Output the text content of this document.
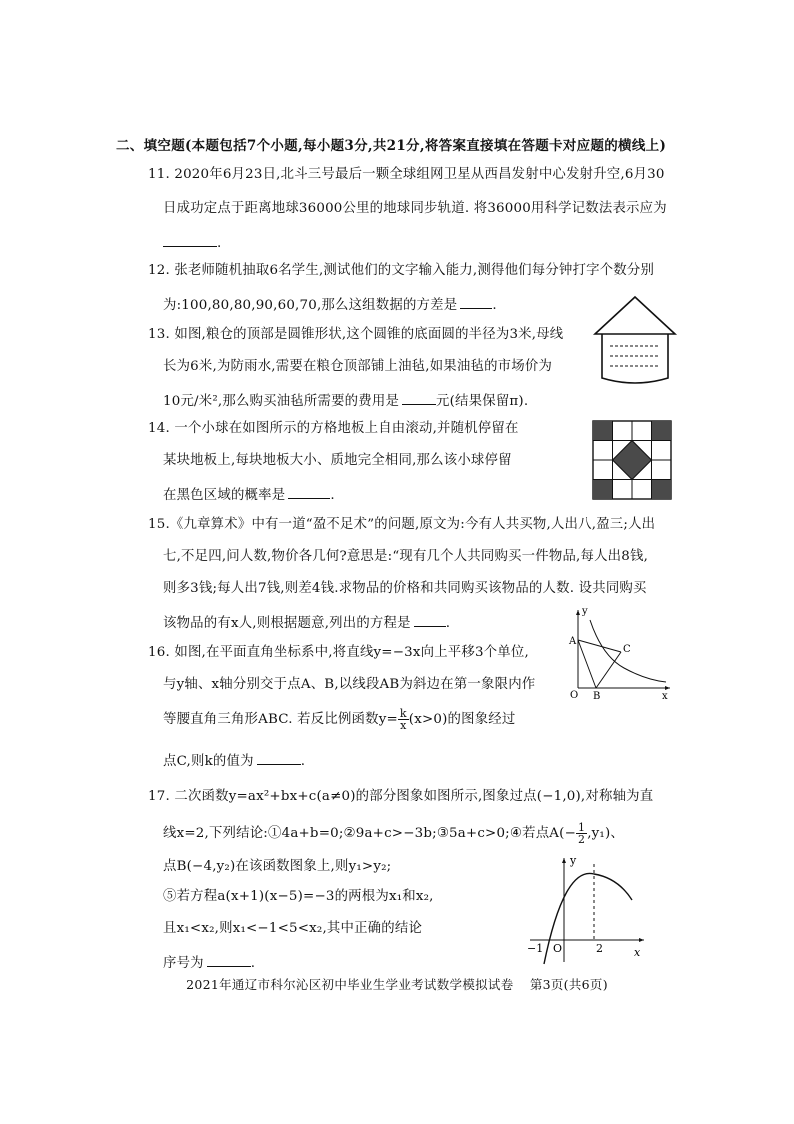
二、填空题(本题包括7个小题,每小题3分,共21分,将答案直接填在答题卡对应题的横线上)
11. 2020年6月23日,北斗三号最后一颗全球组网卫星从西昌发射中心发射升空,6月30
日成功定点于距离地球36000公里的地球同步轨道. 将36000用科学记数法表示应为
.
12. 张老师随机抽取6名学生,测试他们的文字输入能力,测得他们每分钟打字个数分别
为:100,80,80,90,60,70,那么这组数据的方差是	.
13. 如图,粮仓的顶部是圆锥形状,这个圆锥的底面圆的半径为3米,母线
长为6米,为防雨水,需要在粮仓顶部铺上油毡,如果油毡的市场价为
10元/米²,那么购买油毡所需要的费用是	元(结果保留π).
14. 一个小球在如图所示的方格地板上自由滚动,并随机停留在
某块地板上,每块地板大小、质地完全相同,那么该小球停留
在黑色区域的概率是	.
15.《九章算术》中有一道“盈不足术”的问题,原文为:今有人共买物,人出八,盈三;人出
七,不足四,问人数,物价各几何?意思是:“现有几个人共同购买一件物品,每人出8钱,
则多3钱;每人出7钱,则差4钱.求物品的价格和共同购买该物品的人数. 设共同购买
该物品的有x人,则根据题意,列出的方程是	.
16. 如图,在平面直角坐标系中,将直线y=−3x向上平移3个单位,
与y轴、x轴分别交于点A、B,以线段AB为斜边在第一象限内作
等腰直角三角形ABC. 若反比例函数$y= \frac{k}{x} (x>0)$的图象经过
点C,则k的值为	.
y
x
O
A
B
C
17. 二次函数y=ax²+bx+c(a≠0)的部分图象如图所示,图象过点(−1,0),对称轴为直
线x=2,下列结论:①4a+b=0;②9a+c>−3b;③5a+c>0;④若点$A(- \frac{1}{2} ,y_1)$、
点B(−4,y₂)在该函数图象上,则y₁>y₂;
⑤若方程a(x+1)(x−5)=−3的两根为x₁和x₂,
且x₁<x₂,则x₁<−1<5<x₂,其中正确的结论
序号为	.
y
x
−1 O	2
2021年通辽市科尔沁区初中毕业生学业考试数学模拟试卷 第3页(共6页)
